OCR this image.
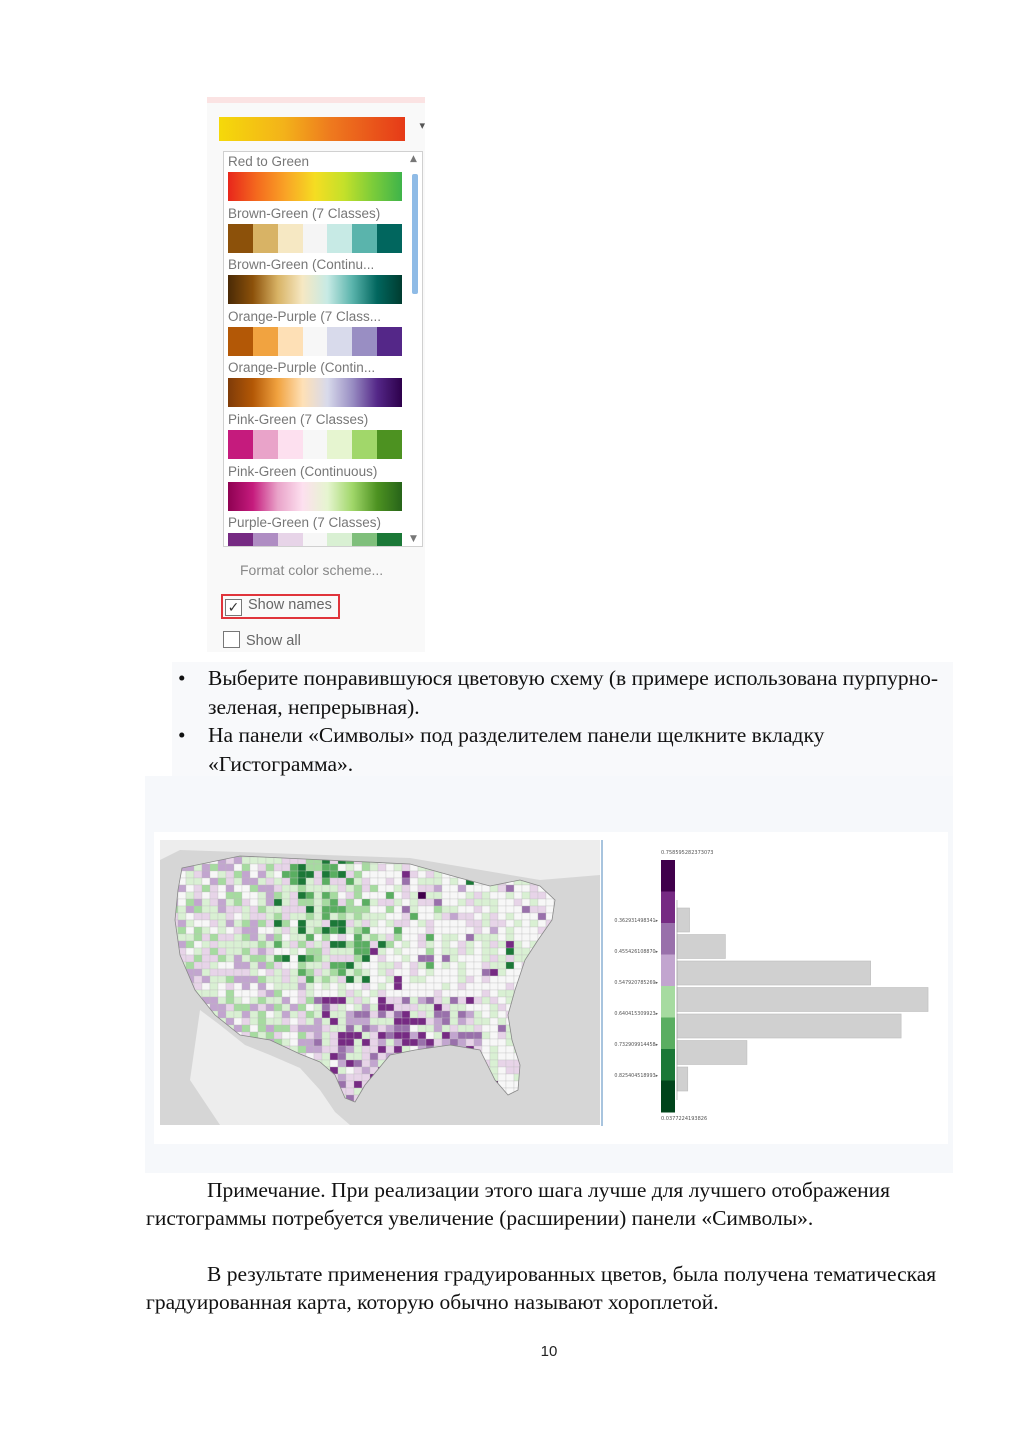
▾
Red to Green
Brown-Green (7 Classes)
Brown-Green (Continu...
Orange-Purple (7 Class...
Orange-Purple (Contin...
Pink-Green (7 Classes)
Pink-Green (Continuous)
Purple-Green (7 Classes)
▲
▼
Format color scheme...
✓ Show names
Show all
• Выберите понравившуюся цветовую схему (в примере использована пурпурно-зеленая, непрерывная).
• На панели «Символы» под разделителем панели щелкните вкладку «Гистограмма».
0.758595282373073
0.0377224193826
0.362931498341▸
0.455426108870▸
0.547920785269▸
0.640415309923▸
0.732909914458▸
0.825404518993▸

Примечание. При реализации этого шага лучше для лучшего отображения гистограммы потребуется увеличение (расширении) панели «Символы».

В результате применения градуированных цветов, была получена тематическая градуированная карта, которую обычно называют хороплетой.

10
